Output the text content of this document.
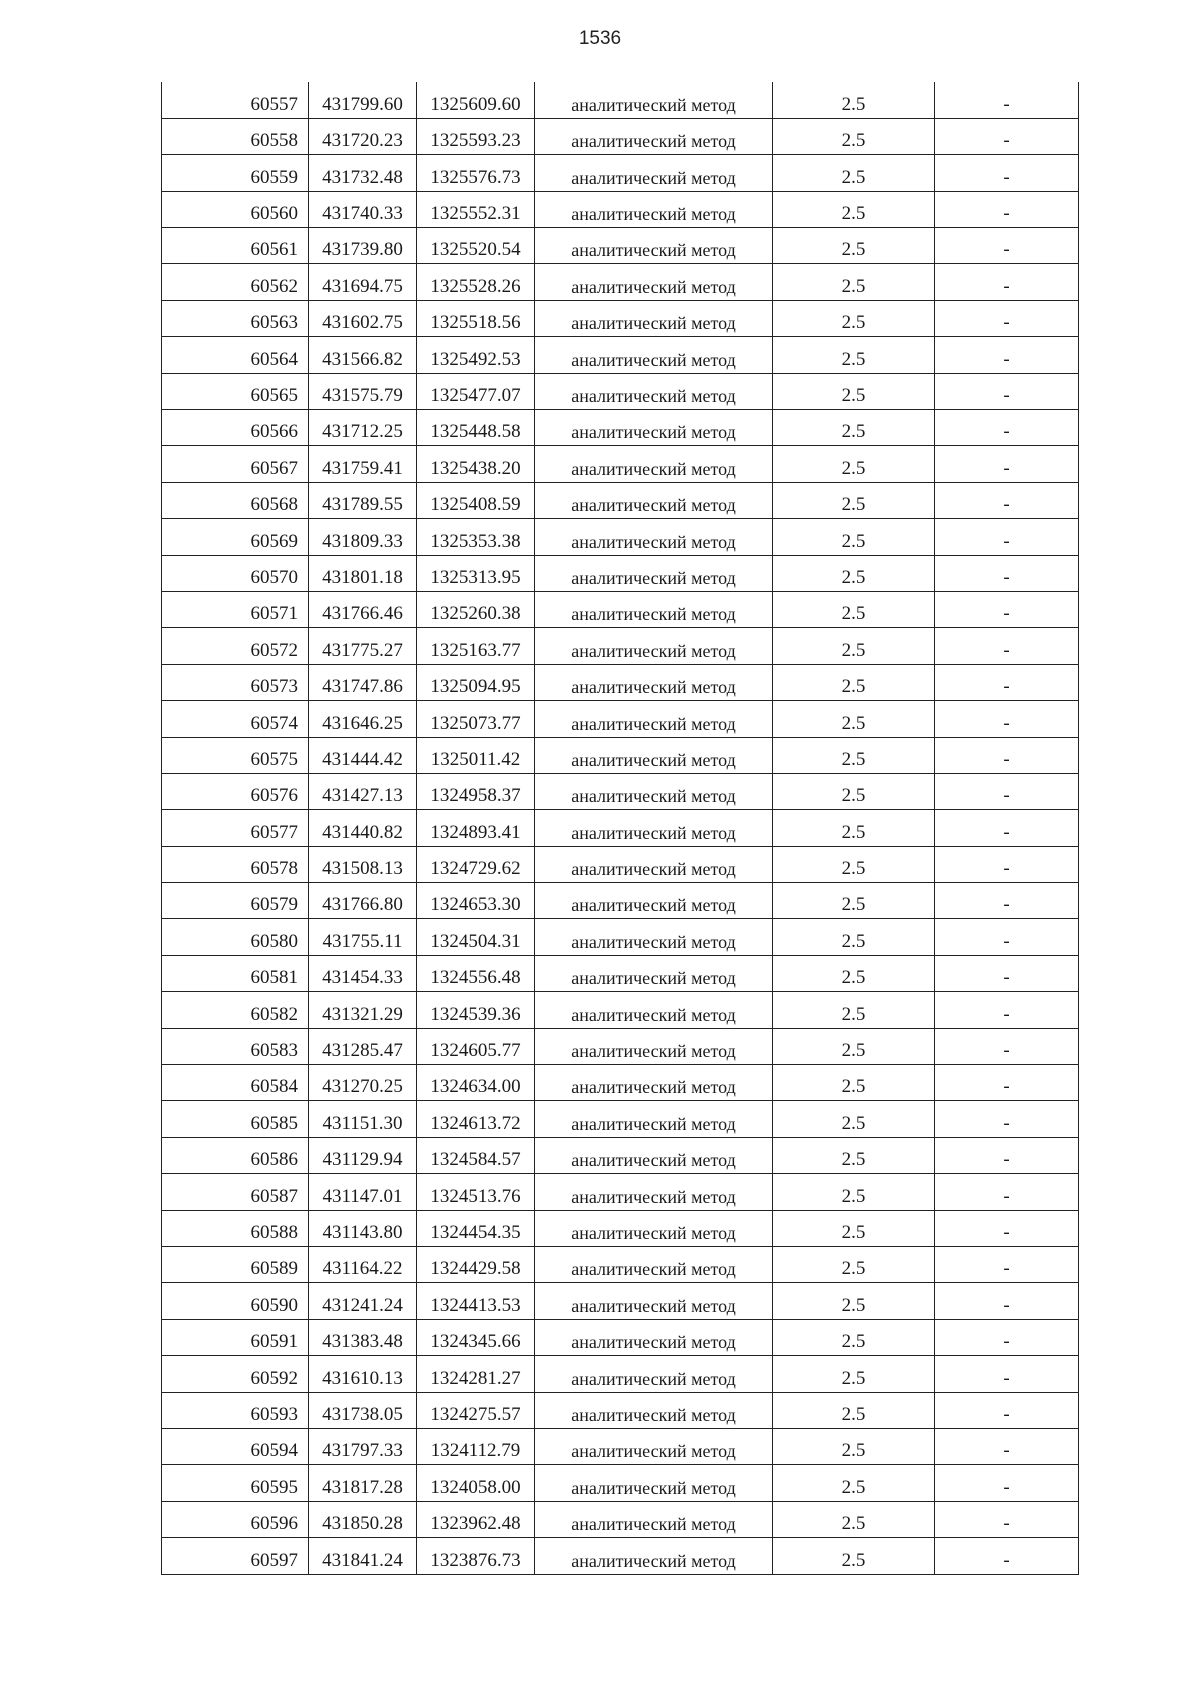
1536
60557	431799.60	1325609.60	аналитический метод	2.5	-
60558	431720.23	1325593.23	аналитический метод	2.5	-
60559	431732.48	1325576.73	аналитический метод	2.5	-
60560	431740.33	1325552.31	аналитический метод	2.5	-
60561	431739.80	1325520.54	аналитический метод	2.5	-
60562	431694.75	1325528.26	аналитический метод	2.5	-
60563	431602.75	1325518.56	аналитический метод	2.5	-
60564	431566.82	1325492.53	аналитический метод	2.5	-
60565	431575.79	1325477.07	аналитический метод	2.5	-
60566	431712.25	1325448.58	аналитический метод	2.5	-
60567	431759.41	1325438.20	аналитический метод	2.5	-
60568	431789.55	1325408.59	аналитический метод	2.5	-
60569	431809.33	1325353.38	аналитический метод	2.5	-
60570	431801.18	1325313.95	аналитический метод	2.5	-
60571	431766.46	1325260.38	аналитический метод	2.5	-
60572	431775.27	1325163.77	аналитический метод	2.5	-
60573	431747.86	1325094.95	аналитический метод	2.5	-
60574	431646.25	1325073.77	аналитический метод	2.5	-
60575	431444.42	1325011.42	аналитический метод	2.5	-
60576	431427.13	1324958.37	аналитический метод	2.5	-
60577	431440.82	1324893.41	аналитический метод	2.5	-
60578	431508.13	1324729.62	аналитический метод	2.5	-
60579	431766.80	1324653.30	аналитический метод	2.5	-
60580	431755.11	1324504.31	аналитический метод	2.5	-
60581	431454.33	1324556.48	аналитический метод	2.5	-
60582	431321.29	1324539.36	аналитический метод	2.5	-
60583	431285.47	1324605.77	аналитический метод	2.5	-
60584	431270.25	1324634.00	аналитический метод	2.5	-
60585	431151.30	1324613.72	аналитический метод	2.5	-
60586	431129.94	1324584.57	аналитический метод	2.5	-
60587	431147.01	1324513.76	аналитический метод	2.5	-
60588	431143.80	1324454.35	аналитический метод	2.5	-
60589	431164.22	1324429.58	аналитический метод	2.5	-
60590	431241.24	1324413.53	аналитический метод	2.5	-
60591	431383.48	1324345.66	аналитический метод	2.5	-
60592	431610.13	1324281.27	аналитический метод	2.5	-
60593	431738.05	1324275.57	аналитический метод	2.5	-
60594	431797.33	1324112.79	аналитический метод	2.5	-
60595	431817.28	1324058.00	аналитический метод	2.5	-
60596	431850.28	1323962.48	аналитический метод	2.5	-
60597	431841.24	1323876.73	аналитический метод	2.5	-
